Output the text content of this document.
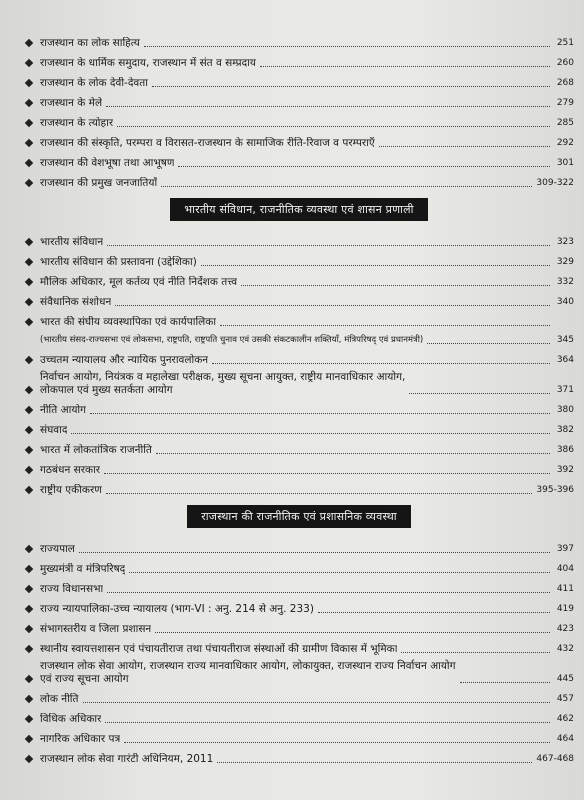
राजस्थान का लोक साहित्य	251
राजस्थान के धार्मिक समुदाय, राजस्थान में संत व सम्प्रदाय	260
राजस्थान के लोक देवी-देवता	268
राजस्थान के मेले	279
राजस्थान के त्योहार	285
राजस्थान की संस्कृति, परम्परा व विरासत-राजस्थान के सामाजिक रीति-रिवाज व परम्पराएँ	292
राजस्थान की वेशभूषा तथा आभूषण	301
राजस्थान की प्रमुख जनजातियाँ	309-322
भारतीय संविधान, राजनीतिक व्यवस्था एवं शासन प्रणाली
भारतीय संविधान	323
भारतीय संविधान की प्रस्तावना (उद्देशिका)	329
मौलिक अधिकार, मूल कर्तव्य एवं नीति निर्देशक तत्त्व	332
संवैधानिक संशोधन	340
भारत की संघीय व्यवस्थापिका एवं कार्यपालिका
(भारतीय संसद-राज्यसभा एवं लोकसभा, राष्ट्रपति, राष्ट्रपति चुनाव एवं उसकी संकटकालीन शक्तियाँ, मंत्रिपरिषद् एवं प्रधानमंत्री)	345
उच्चतम न्यायालय और न्यायिक पुनरावलोकन	364
निर्वाचन आयोग, नियंत्रक व महालेखा परीक्षक, मुख्य सूचना आयुक्त, राष्ट्रीय मानवाधिकार आयोग,
लोकपाल एवं मुख्य सतर्कता आयोग	371
नीति आयोग	380
संघवाद	382
भारत में लोकतांत्रिक राजनीति	386
गठबंधन सरकार	392
राष्ट्रीय एकीकरण	395-396
राजस्थान की राजनीतिक एवं प्रशासनिक व्यवस्था
राज्यपाल	397
मुख्यमंत्री व मंत्रिपरिषद्	404
राज्य विधानसभा	411
राज्य न्यायपालिका-उच्च न्यायालय (भाग-VI : अनु. 214 से अनु. 233)	419
संभागस्तरीय व जिला प्रशासन	423
स्थानीय स्वायत्तशासन एवं पंचायतीराज तथा पंचायतीराज संस्थाओं की ग्रामीण विकास में भूमिका	432
राजस्थान लोक सेवा आयोग, राजस्थान राज्य मानवाधिकार आयोग, लोकायुक्त, राजस्थान राज्य निर्वाचन आयोग
एवं राज्य सूचना आयोग	445
लोक नीति	457
विधिक अधिकार	462
नागरिक अधिकार पत्र	464
राजस्थान लोक सेवा गारंटी अधिनियम, 2011	467-468
